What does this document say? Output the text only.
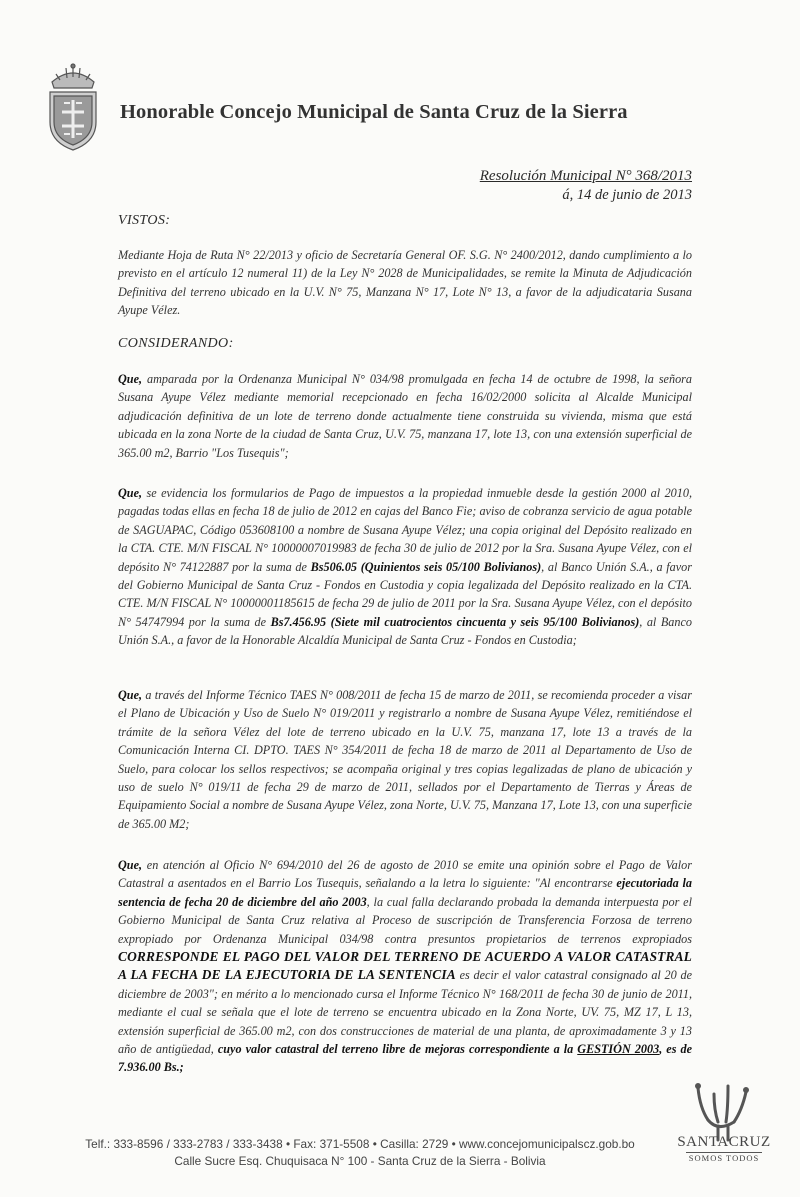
Honorable Concejo Municipal de Santa Cruz de la Sierra
Resolución Municipal N° 368/2013
á, 14 de junio de 2013
VISTOS:
Mediante Hoja de Ruta N° 22/2013 y oficio de Secretaría General OF. S.G. N° 2400/2012, dando cumplimiento a lo previsto en el artículo 12 numeral 11) de la Ley N° 2028 de Municipalidades, se remite la Minuta de Adjudicación Definitiva del terreno ubicado en la U.V. N° 75, Manzana N° 17, Lote N° 13, a favor de la adjudicataria Susana Ayupe Vélez.
CONSIDERANDO:
Que, amparada por la Ordenanza Municipal N° 034/98 promulgada en fecha 14 de octubre de 1998, la señora Susana Ayupe Vélez mediante memorial recepcionado en fecha 16/02/2000 solicita al Alcalde Municipal adjudicación definitiva de un lote de terreno donde actualmente tiene construida su vivienda, misma que está ubicada en la zona Norte de la ciudad de Santa Cruz, U.V. 75, manzana 17, lote 13, con una extensión superficial de 365.00 m2, Barrio "Los Tusequis";
Que, se evidencia los formularios de Pago de impuestos a la propiedad inmueble desde la gestión 2000 al 2010, pagadas todas ellas en fecha 18 de julio de 2012 en cajas del Banco Fie; aviso de cobranza servicio de agua potable de SAGUAPAC, Código 053608100 a nombre de Susana Ayupe Vélez; una copia original del Depósito realizado en la CTA. CTE. M/N FISCAL N° 10000007019983 de fecha 30 de julio de 2012 por la Sra. Susana Ayupe Vélez, con el depósito N° 74122887 por la suma de Bs506.05 (Quinientos seis 05/100 Bolivianos), al Banco Unión S.A., a favor del Gobierno Municipal de Santa Cruz - Fondos en Custodia y copia legalizada del Depósito realizado en la CTA. CTE. M/N FISCAL N° 10000001185615 de fecha 29 de julio de 2011 por la Sra. Susana Ayupe Vélez, con el depósito N° 54747994 por la suma de Bs7.456.95 (Siete mil cuatrocientos cincuenta y seis 95/100 Bolivianos), al Banco Unión S.A., a favor de la Honorable Alcaldía Municipal de Santa Cruz - Fondos en Custodia;
Que, a través del Informe Técnico TAES N° 008/2011 de fecha 15 de marzo de 2011, se recomienda proceder a visar el Plano de Ubicación y Uso de Suelo N° 019/2011 y registrarlo a nombre de Susana Ayupe Vélez, remitiéndose el trámite de la señora Vélez del lote de terreno ubicado en la U.V. 75, manzana 17, lote 13 a través de la Comunicación Interna CI. DPTO. TAES N° 354/2011 de fecha 18 de marzo de 2011 al Departamento de Uso de Suelo, para colocar los sellos respectivos; se acompaña original y tres copias legalizadas de plano de ubicación y uso de suelo N° 019/11 de fecha 29 de marzo de 2011, sellados por el Departamento de Tierras y Áreas de Equipamiento Social a nombre de Susana Ayupe Vélez, zona Norte, U.V. 75, Manzana 17, Lote 13, con una superficie de 365.00 M2;
Que, en atención al Oficio N° 694/2010 del 26 de agosto de 2010 se emite una opinión sobre el Pago de Valor Catastral a asentados en el Barrio Los Tusequis, señalando a la letra lo siguiente: "Al encontrarse ejecutoriada la sentencia de fecha 20 de diciembre del año 2003, la cual falla declarando probada la demanda interpuesta por el Gobierno Municipal de Santa Cruz relativa al Proceso de suscripción de Transferencia Forzosa de terreno expropiado por Ordenanza Municipal 034/98 contra presuntos propietarios de terrenos expropiados CORRESPONDE EL PAGO DEL VALOR DEL TERRENO DE ACUERDO A VALOR CATASTRAL A LA FECHA DE LA EJECUTORIA DE LA SENTENCIA es decir el valor catastral consignado al 20 de diciembre de 2003"; en mérito a lo mencionado cursa el Informe Técnico N° 168/2011 de fecha 30 de junio de 2011, mediante el cual se señala que el lote de terreno se encuentra ubicado en la Zona Norte, UV. 75, MZ 17, L 13, extensión superficial de 365.00 m2, con dos construcciones de material de una planta, de aproximadamente 3 y 13 año de antigüedad, cuyo valor catastral del terreno libre de mejoras correspondiente a la GESTIÓN 2003, es de 7.936.00 Bs.;
SANTACRUZ
SOMOS TODOS
Telf.: 333-8596 / 333-2783 / 333-3438 • Fax: 371-5508 • Casilla: 2729 • www.concejomunicipalscz.gob.bo
Calle Sucre Esq. Chuquisaca N° 100 - Santa Cruz de la Sierra - Bolivia
